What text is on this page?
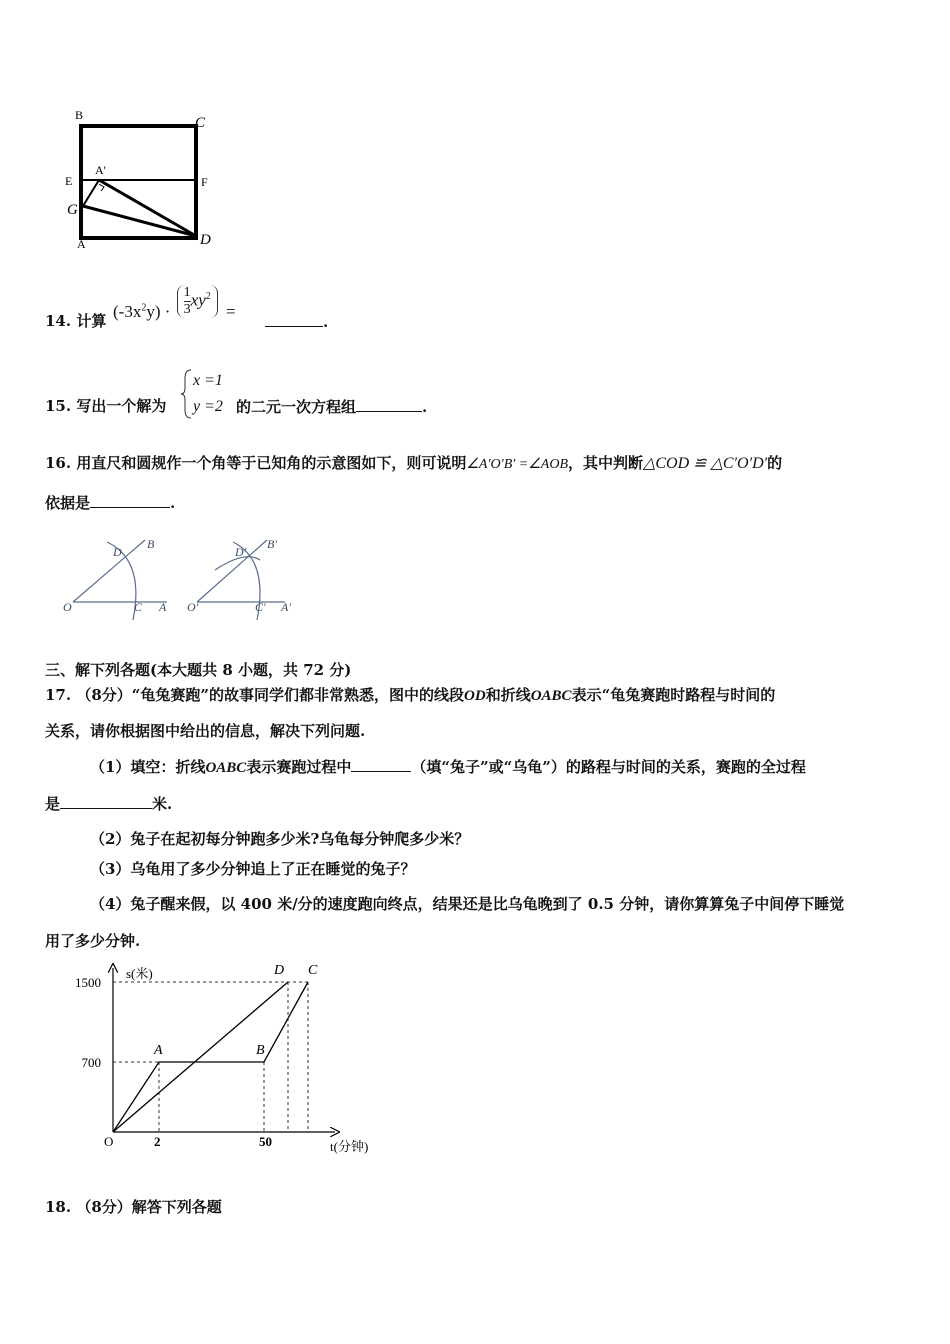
B	C
E	F
A'
G
A	D
14. 计算
$(-3x^2y) \cdot \frac{1}{3} xy^2$ =
.
15. 写出一个解为
x =1
y =2 的二元一次方程组	.
16. 用直尺和圆规作一个角等于已知角的示意图如下，则可说明∠A′O′B′ =∠AOB，其中判断△COD ≌ △C′O′D′的
依据是	.
O	C A
D
B
O'	C' A'
D'
B'
三、解下列各题(本大题共 8 小题，共 72 分)
17. （8分）“龟兔赛跑”的故事同学们都非常熟悉，图中的线段OD和折线OABC表示“龟兔赛跑时路程与时间的
关系，请你根据图中给出的信息，解决下列问题.
（1）填空：折线OABC表示赛跑过程中	（填“兔子”或“乌龟”）的路程与时间的关系，赛跑的全过程
是	米.
（2）兔子在起初每分钟跑多少米?乌龟每分钟爬多少米？
（3）乌龟用了多少分钟追上了正在睡觉的兔子？
（4）兔子醒来假，以 400 米/分的速度跑向终点，结果还是比乌龟晚到了 0.5 分钟，请你算算兔子中间停下睡觉
用了多少分钟.
700
1500
2	50
A	B
C
D
s(米)
t(分钟)
O
18. （8分）解答下列各题
